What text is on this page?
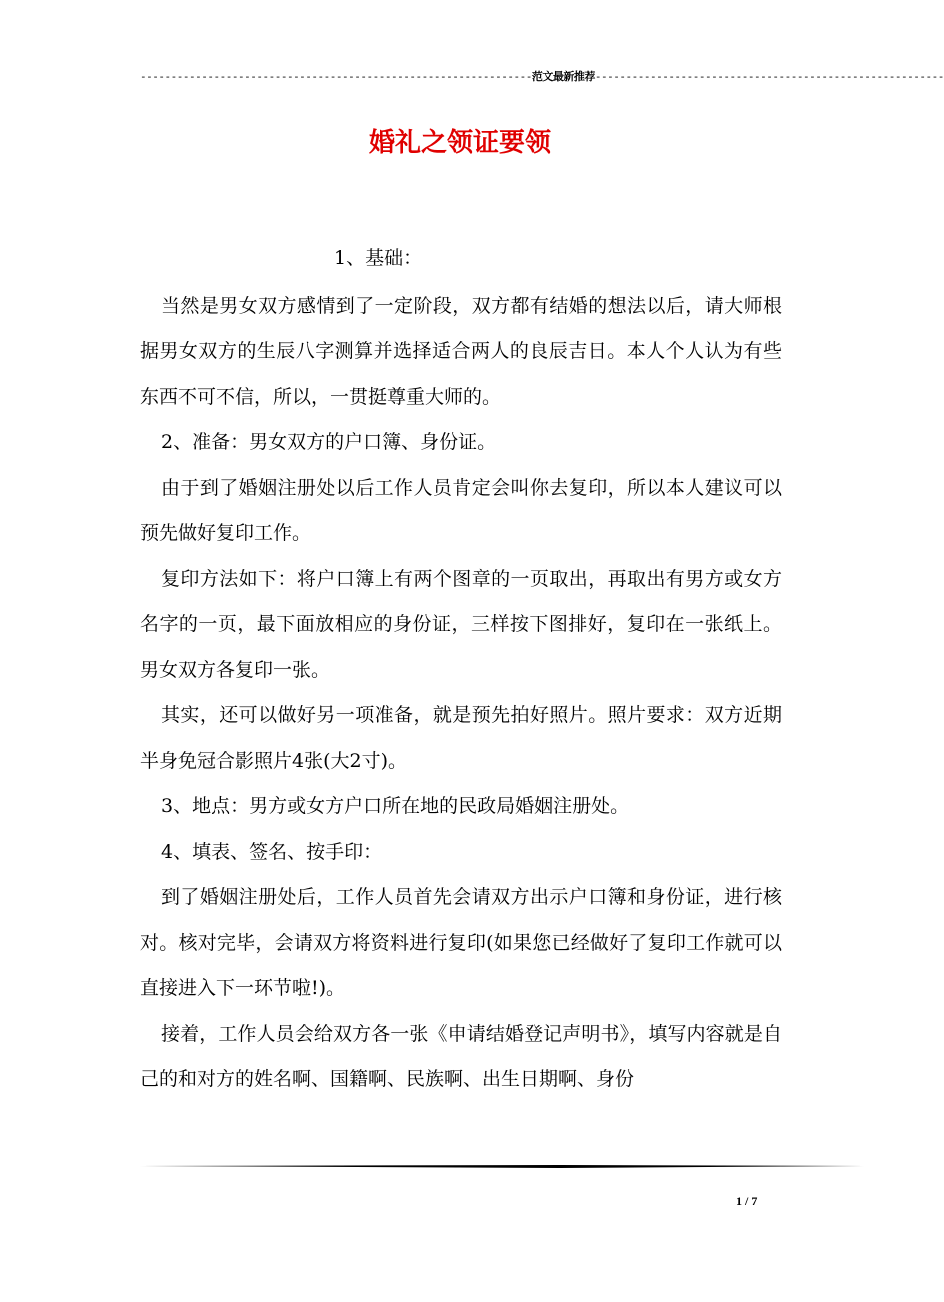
----------------------------------------------------------------范文最新推荐---------------------------------------------------------
婚礼之领证要领

1、基础：

当然是男女双方感情到了一定阶段，双方都有结婚的想法以后，请大师根据男女双方的生辰八字测算并选择适合两人的良辰吉日。本人个人认为有些东西不可不信，所以，一贯挺尊重大师的。

2、准备：男女双方的户口簿、身份证。

由于到了婚姻注册处以后工作人员肯定会叫你去复印，所以本人建议可以预先做好复印工作。

复印方法如下：将户口簿上有两个图章的一页取出，再取出有男方或女方名字的一页，最下面放相应的身份证，三样按下图排好，复印在一张纸上。男女双方各复印一张。

其实，还可以做好另一项准备，就是预先拍好照片。照片要求：双方近期半身免冠合影照片4张(大2寸)。

3、地点：男方或女方户口所在地的民政局婚姻注册处。

4、填表、签名、按手印：

到了婚姻注册处后，工作人员首先会请双方出示户口簿和身份证，进行核对。核对完毕，会请双方将资料进行复印(如果您已经做好了复印工作就可以直接进入下一环节啦!)。

接着，工作人员会给双方各一张《申请结婚登记声明书》，填写内容就是自己的和对方的姓名啊、国籍啊、民族啊、出生日期啊、身份

1 / 7
